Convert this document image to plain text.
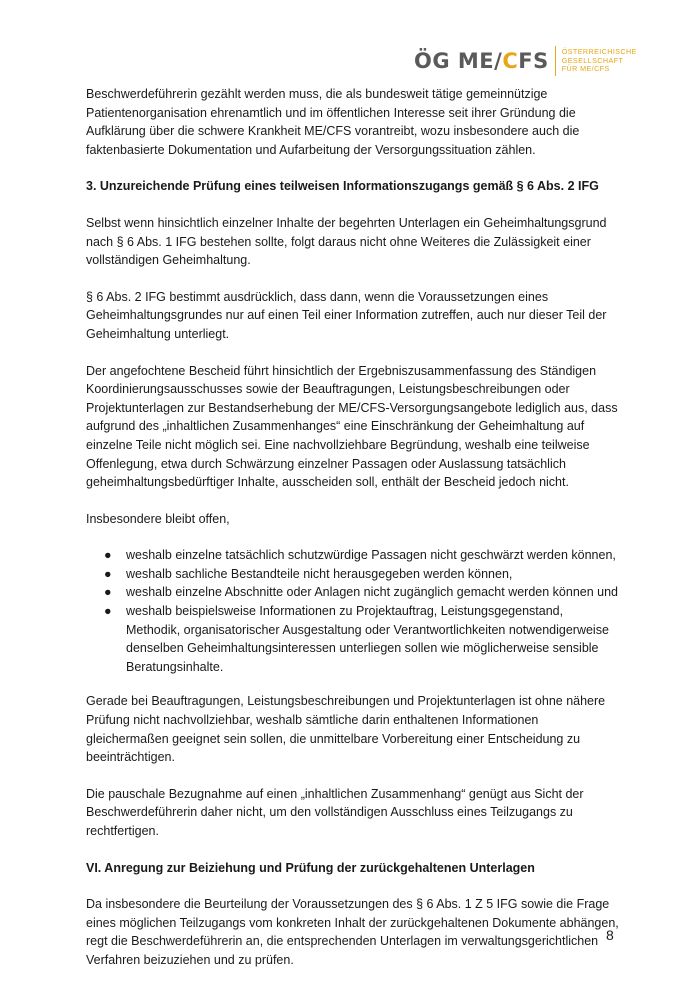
ÖG ME/CFS ÖSTERREICHISCHE
GESELLSCHAFT
FÜR ME/CFS

Beschwerdeführerin gezählt werden muss, die als bundesweit tätige gemeinnützige Patientenorganisation ehrenamtlich und im öffentlichen Interesse seit ihrer Gründung die Aufklärung über die schwere Krankheit ME/CFS vorantreibt, wozu insbesondere auch die faktenbasierte Dokumentation und Aufarbeitung der Versorgungssituation zählen.

3. Unzureichende Prüfung eines teilweisen Informationszugangs gemäß § 6 Abs. 2 IFG

Selbst wenn hinsichtlich einzelner Inhalte der begehrten Unterlagen ein Geheimhaltungsgrund nach § 6 Abs. 1 IFG bestehen sollte, folgt daraus nicht ohne Weiteres die Zulässigkeit einer vollständigen Geheimhaltung.

§ 6 Abs. 2 IFG bestimmt ausdrücklich, dass dann, wenn die Voraussetzungen eines Geheimhaltungsgrundes nur auf einen Teil einer Information zutreffen, auch nur dieser Teil der Geheimhaltung unterliegt.

Der angefochtene Bescheid führt hinsichtlich der Ergebniszusammenfassung des Ständigen Koordinierungsausschusses sowie der Beauftragungen, Leistungsbeschreibungen oder Projektunterlagen zur Bestandserhebung der ME/CFS-Versorgungsangebote lediglich aus, dass aufgrund des „inhaltlichen Zusammenhanges“ eine Einschränkung der Geheimhaltung auf einzelne Teile nicht möglich sei. Eine nachvollziehbare Begründung, weshalb eine teilweise Offenlegung, etwa durch Schwärzung einzelner Passagen oder Auslassung tatsächlich geheimhaltungsbedürftiger Inhalte, ausscheiden soll, enthält der Bescheid jedoch nicht.

Insbesondere bleibt offen,

● weshalb einzelne tatsächlich schutzwürdige Passagen nicht geschwärzt werden können,
● weshalb sachliche Bestandteile nicht herausgegeben werden können,
● weshalb einzelne Abschnitte oder Anlagen nicht zugänglich gemacht werden können und
● weshalb beispielsweise Informationen zu Projektauftrag, Leistungsgegenstand, Methodik, organisatorischer Ausgestaltung oder Verantwortlichkeiten notwendigerweise denselben Geheimhaltungsinteressen unterliegen sollen wie möglicherweise sensible Beratungsinhalte.

Gerade bei Beauftragungen, Leistungsbeschreibungen und Projektunterlagen ist ohne nähere Prüfung nicht nachvollziehbar, weshalb sämtliche darin enthaltenen Informationen gleichermaßen geeignet sein sollen, die unmittelbare Vorbereitung einer Entscheidung zu beeinträchtigen.

Die pauschale Bezugnahme auf einen „inhaltlichen Zusammenhang“ genügt aus Sicht der Beschwerdeführerin daher nicht, um den vollständigen Ausschluss eines Teilzugangs zu rechtfertigen.

VI. Anregung zur Beiziehung und Prüfung der zurückgehaltenen Unterlagen

Da insbesondere die Beurteilung der Voraussetzungen des § 6 Abs. 1 Z 5 IFG sowie die Frage eines möglichen Teilzugangs vom konkreten Inhalt der zurückgehaltenen Dokumente abhängen, regt die Beschwerdeführerin an, die entsprechenden Unterlagen im verwaltungsgerichtlichen Verfahren beizuziehen und zu prüfen.

8
